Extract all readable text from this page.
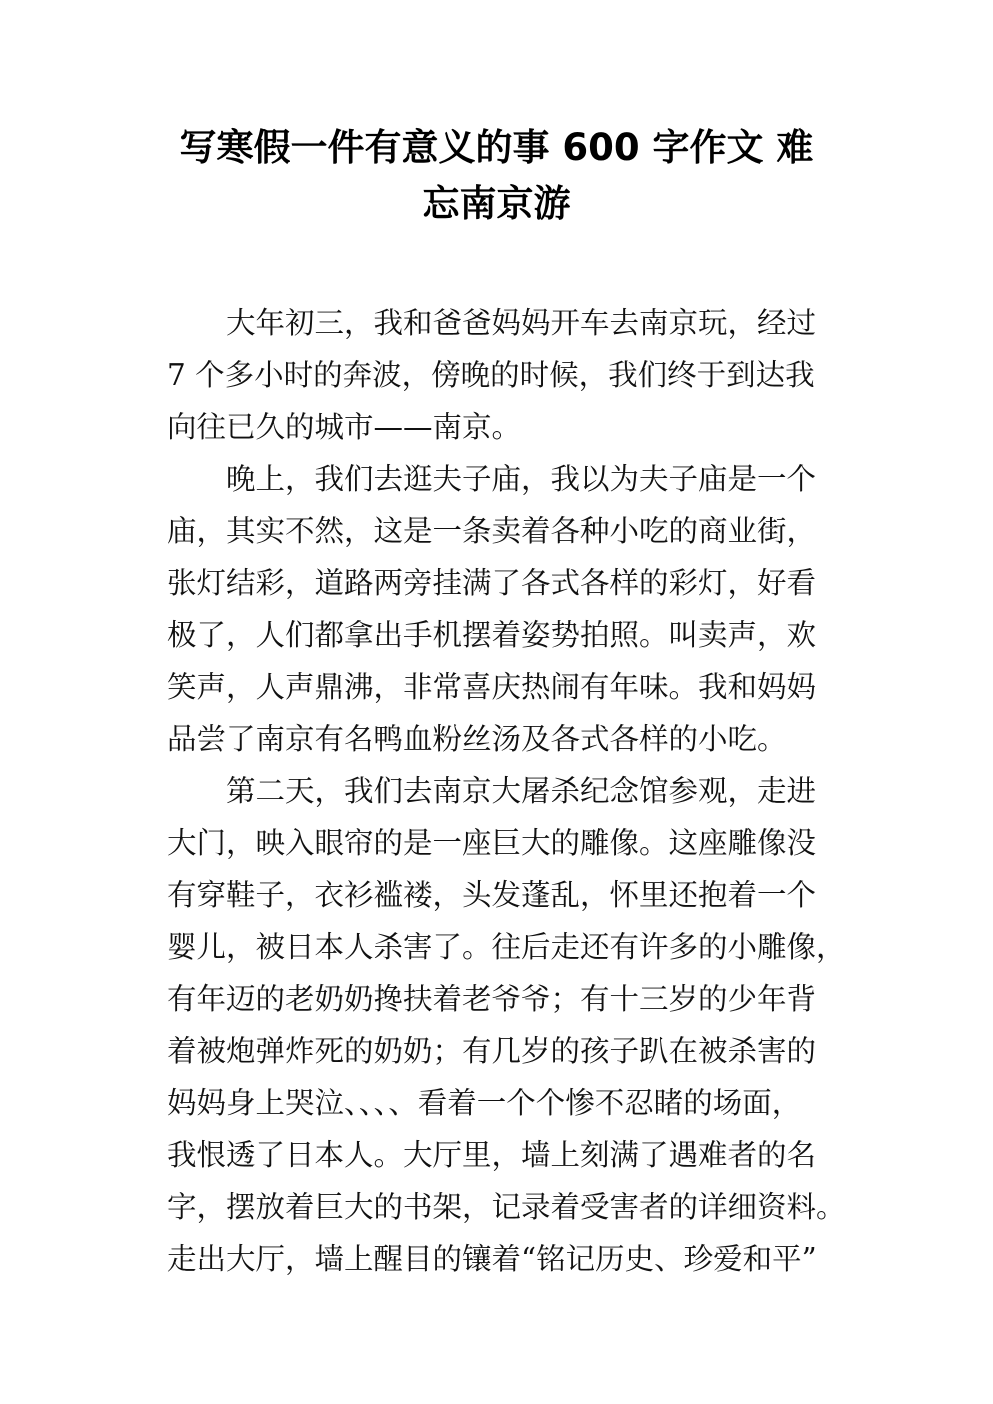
写寒假一件有意义的事 600 字作文 难
忘南京游
大年初三，我和爸爸妈妈开车去南京玩，经过
7 个多小时的奔波，傍晚的时候，我们终于到达我
向往已久的城市——南京。
晚上，我们去逛夫子庙，我以为夫子庙是一个
庙，其实不然，这是一条卖着各种小吃的商业街，
张灯结彩，道路两旁挂满了各式各样的彩灯，好看
极了，人们都拿出手机摆着姿势拍照。叫卖声，欢
笑声，人声鼎沸，非常喜庆热闹有年味。我和妈妈
品尝了南京有名鸭血粉丝汤及各式各样的小吃。
第二天，我们去南京大屠杀纪念馆参观，走进
大门，映入眼帘的是一座巨大的雕像。这座雕像没
有穿鞋子，衣衫褴褛，头发蓬乱，怀里还抱着一个
婴儿，被日本人杀害了。往后走还有许多的小雕像，
有年迈的老奶奶搀扶着老爷爷；有十三岁的少年背
着被炮弹炸死的奶奶；有几岁的孩子趴在被杀害的
妈妈身上哭泣、、、、看着一个个惨不忍睹的场面，
我恨透了日本人。大厅里，墙上刻满了遇难者的名
字，摆放着巨大的书架，记录着受害者的详细资料。
走出大厅，墙上醒目的镶着“铭记历史、珍爱和平”
